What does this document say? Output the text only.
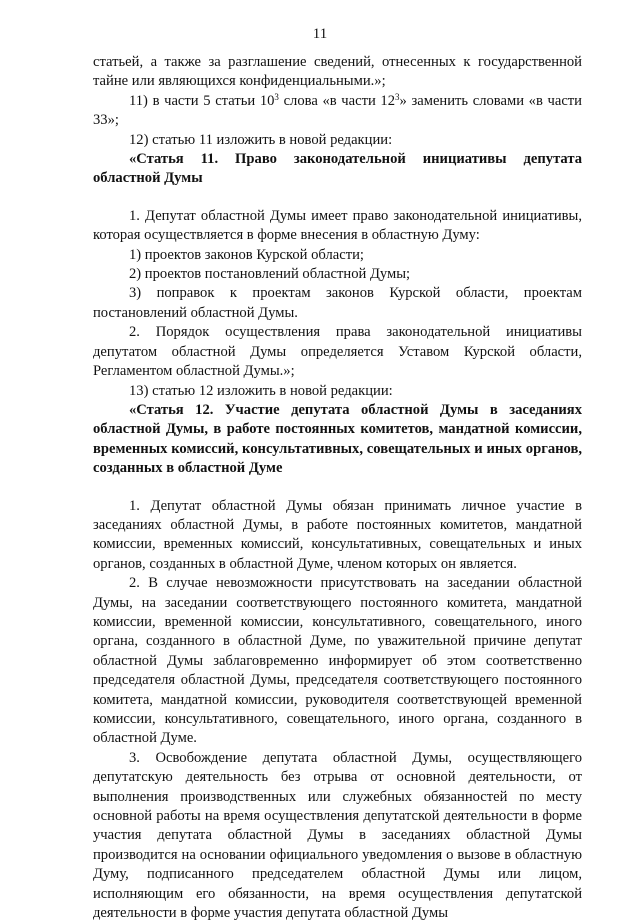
11

статьей, а также за разглашение сведений, отнесенных к государственной тайне или являющихся конфиденциальными.»;

11) в части 5 статьи $10^3$ слова «в части $12^3$» заменить словами «в части 33»;

12) статью 11 изложить в новой редакции:

«Статья 11. Право законодательной инициативы депутата областной Думы

1. Депутат областной Думы имеет право законодательной инициативы, которая осуществляется в форме внесения в областную Думу:

1) проектов законов Курской области;

2) проектов постановлений областной Думы;

3) поправок к проектам законов Курской области, проектам постановлений областной Думы.

2. Порядок осуществления права законодательной инициативы депутатом областной Думы определяется Уставом Курской области, Регламентом областной Думы.»;

13) статью 12 изложить в новой редакции:

«Статья 12. Участие депутата областной Думы в заседаниях областной Думы, в работе постоянных комитетов, мандатной комиссии, временных комиссий, консультативных, совещательных и иных органов, созданных в областной Думе

1. Депутат областной Думы обязан принимать личное участие в заседаниях областной Думы, в работе постоянных комитетов, мандатной комиссии, временных комиссий, консультативных, совещательных и иных органов, созданных в областной Думе, членом которых он является.

2. В случае невозможности присутствовать на заседании областной Думы, на заседании соответствующего постоянного комитета, мандатной комиссии, временной комиссии, консультативного, совещательного, иного органа, созданного в областной Думе, по уважительной причине депутат областной Думы заблаговременно информирует об этом соответственно председателя областной Думы, председателя соответствующего постоянного комитета, мандатной комиссии, руководителя соответствующей временной комиссии, консультативного, совещательного, иного органа, созданного в областной Думе.

3. Освобождение депутата областной Думы, осуществляющего депутатскую деятельность без отрыва от основной деятельности, от выполнения производственных или служебных обязанностей по месту основной работы на время осуществления депутатской деятельности в форме участия депутата областной Думы в заседаниях областной Думы производится на основании официального уведомления о вызове в областную Думу, подписанного председателем областной Думы или лицом, исполняющим его обязанности, на время осуществления депутатской деятельности в форме участия депутата областной Думы
